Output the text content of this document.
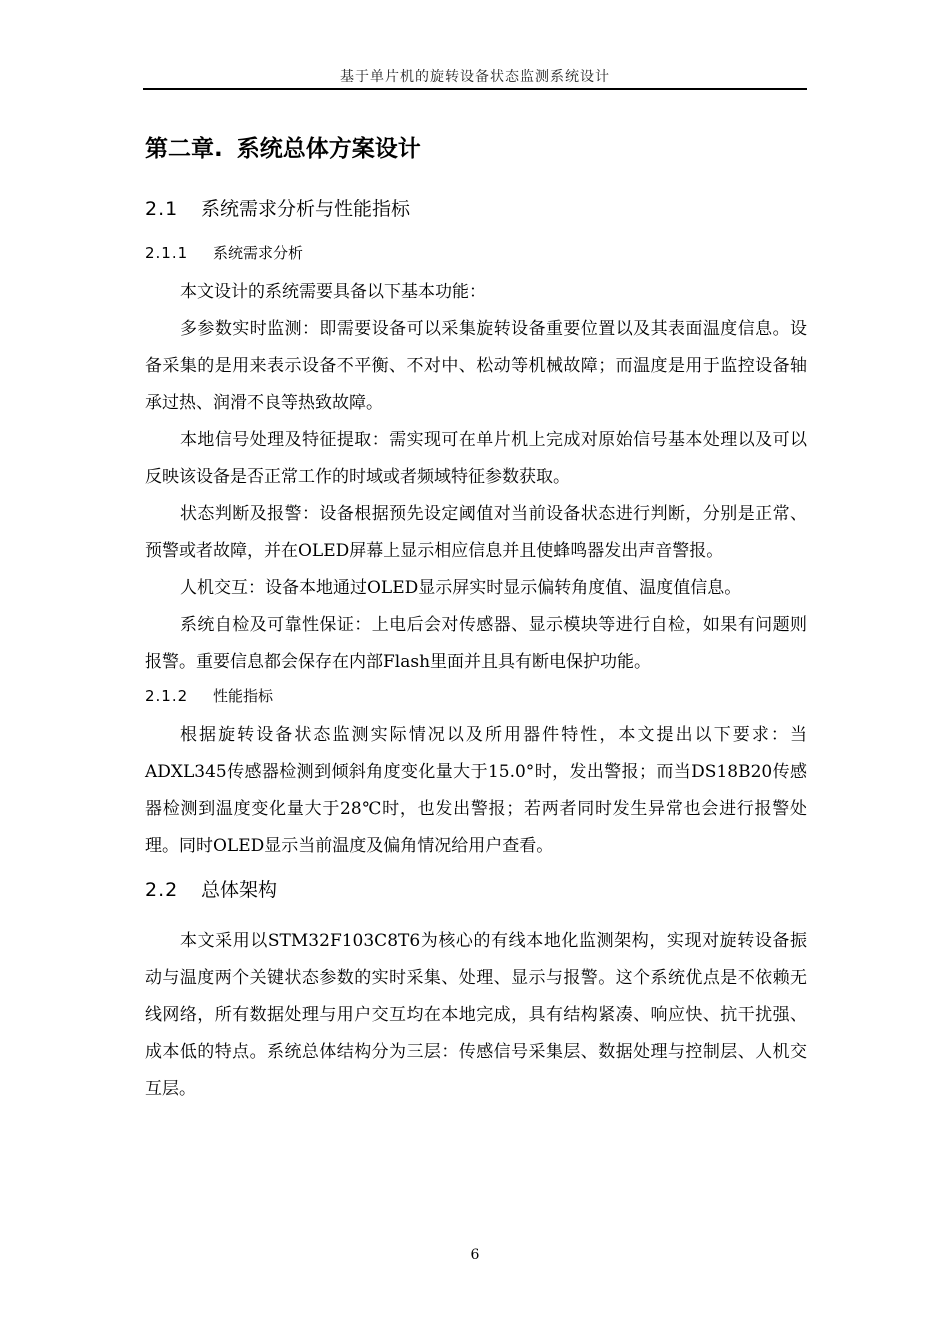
基于单片机的旋转设备状态监测系统设计
第二章. 系统总体方案设计
2.1 系统需求分析与性能指标
2.1.1 系统需求分析

本文设计的系统需要具备以下基本功能：

多参数实时监测：即需要设备可以采集旋转设备重要位置以及其表面温度信息。设备采集的是用来表示设备不平衡、不对中、松动等机械故障；而温度是用于监控设备轴承过热、润滑不良等热致故障。

本地信号处理及特征提取：需实现可在单片机上完成对原始信号基本处理以及可以反映该设备是否正常工作的时域或者频域特征参数获取。

状态判断及报警：设备根据预先设定阈值对当前设备状态进行判断，分别是正常、预警或者故障，并在OLED屏幕上显示相应信息并且使蜂鸣器发出声音警报。

人机交互：设备本地通过OLED显示屏实时显示偏转角度值、温度值信息。

系统自检及可靠性保证：上电后会对传感器、显示模块等进行自检，如果有问题则报警。重要信息都会保存在内部Flash里面并且具有断电保护功能。

2.1.2 性能指标

根据旋转设备状态监测实际情况以及所用器件特性，本文提出以下要求：当ADXL345传感器检测到倾斜角度变化量大于15.0°时，发出警报；而当DS18B20传感器检测到温度变化量大于28℃时，也发出警报；若两者同时发生异常也会进行报警处理。同时OLED显示当前温度及偏角情况给用户查看。

2.2 总体架构

本文采用以STM32F103C8T6为核心的有线本地化监测架构，实现对旋转设备振动与温度两个关键状态参数的实时采集、处理、显示与报警。这个系统优点是不依赖无线网络，所有数据处理与用户交互均在本地完成，具有结构紧凑、响应快、抗干扰强、成本低的特点。系统总体结构分为三层：传感信号采集层、数据处理与控制层、人机交互层。

6
